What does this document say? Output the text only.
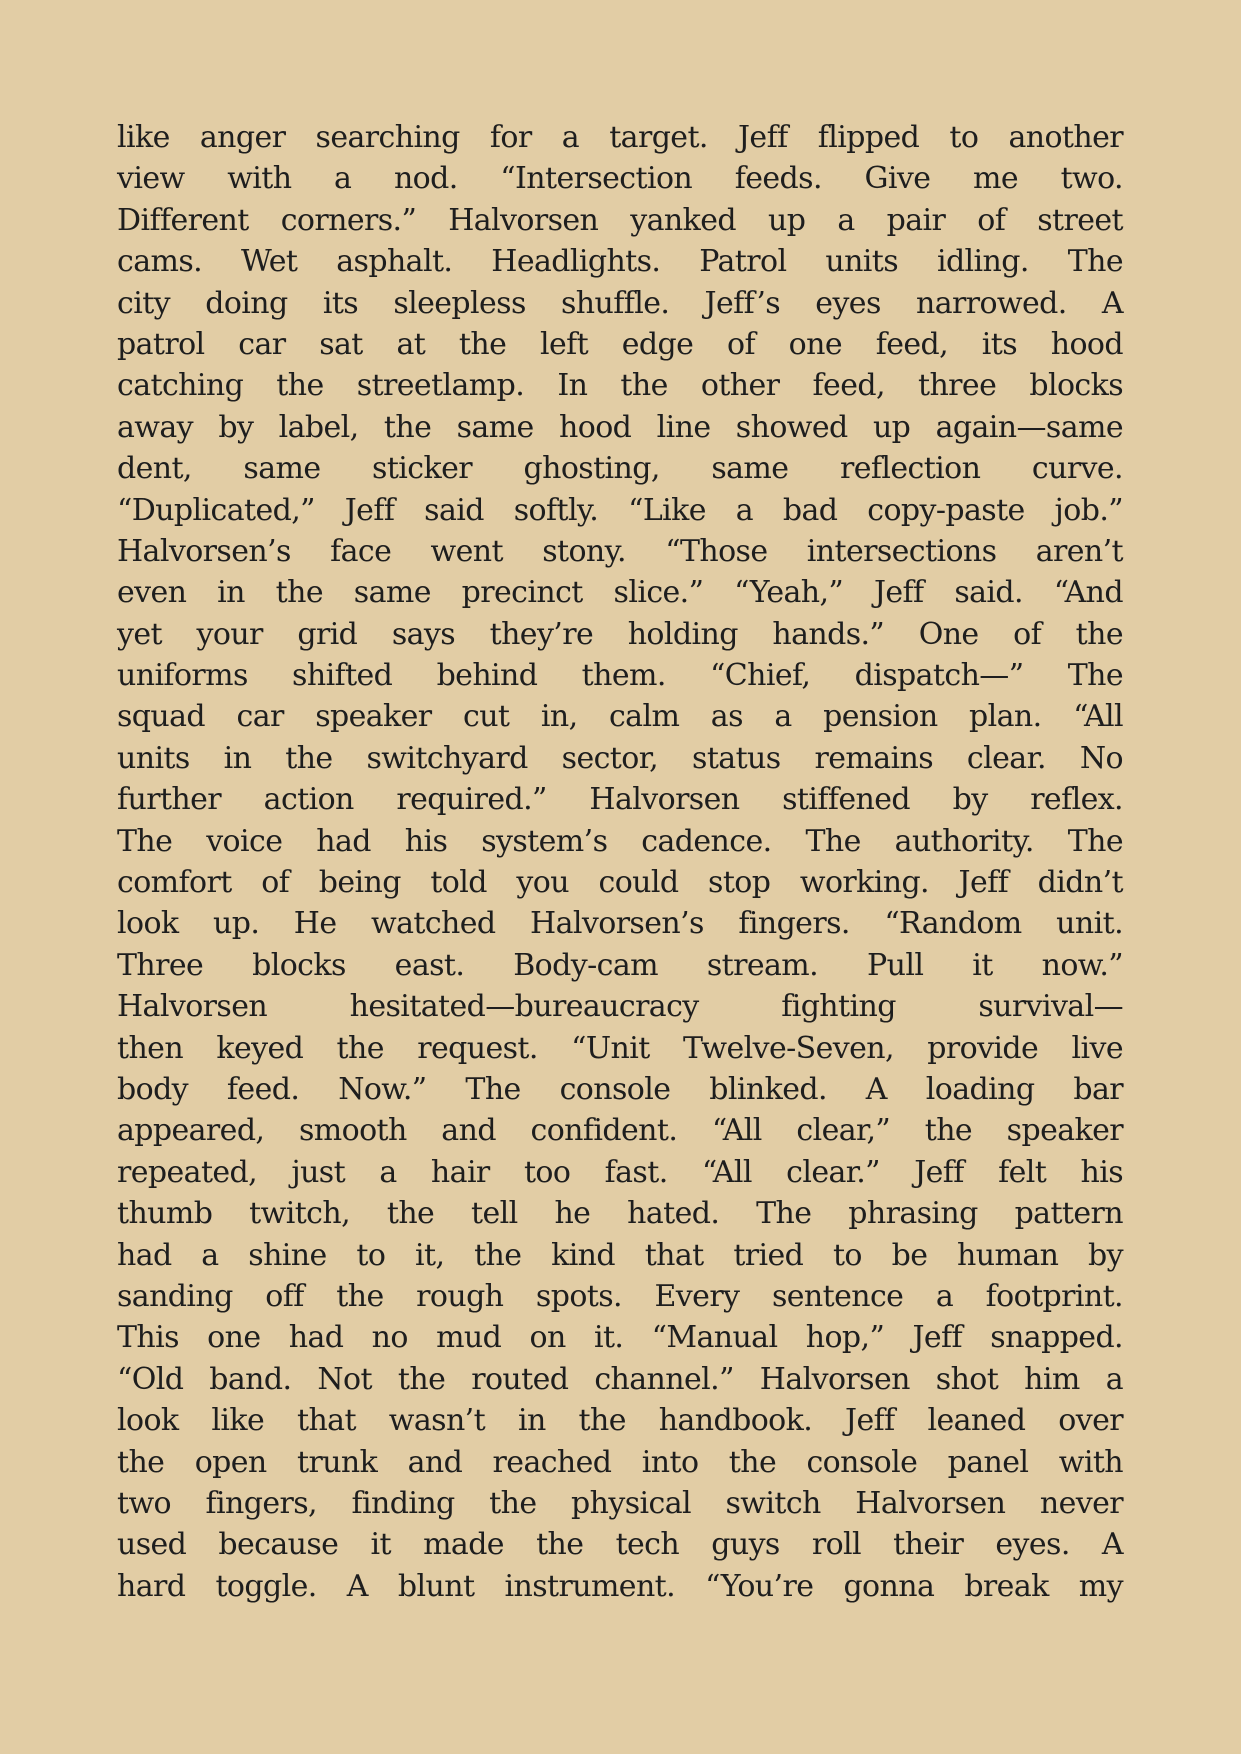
like anger searching for a target. Jeff flipped to another
view with a nod. “Intersection feeds. Give me two.
Different corners.” Halvorsen yanked up a pair of street
cams. Wet asphalt. Headlights. Patrol units idling. The
city doing its sleepless shuffle. Jeff’s eyes narrowed. A
patrol car sat at the left edge of one feed, its hood
catching the streetlamp. In the other feed, three blocks
away by label, the same hood line showed up again—same
dent, same sticker ghosting, same reflection curve.
“Duplicated,” Jeff said softly. “Like a bad copy-paste job.”
Halvorsen’s face went stony. “Those intersections aren’t
even in the same precinct slice.” “Yeah,” Jeff said. “And
yet your grid says they’re holding hands.” One of the
uniforms shifted behind them. “Chief, dispatch—” The
squad car speaker cut in, calm as a pension plan. “All
units in the switchyard sector, status remains clear. No
further action required.” Halvorsen stiffened by reflex.
The voice had his system’s cadence. The authority. The
comfort of being told you could stop working. Jeff didn’t
look up. He watched Halvorsen’s fingers. “Random unit.
Three blocks east. Body-cam stream. Pull it now.”
Halvorsen hesitated—bureaucracy fighting survival—
then keyed the request. “Unit Twelve-Seven, provide live
body feed. Now.” The console blinked. A loading bar
appeared, smooth and confident. “All clear,” the speaker
repeated, just a hair too fast. “All clear.” Jeff felt his
thumb twitch, the tell he hated. The phrasing pattern
had a shine to it, the kind that tried to be human by
sanding off the rough spots. Every sentence a footprint.
This one had no mud on it. “Manual hop,” Jeff snapped.
“Old band. Not the routed channel.” Halvorsen shot him a
look like that wasn’t in the handbook. Jeff leaned over
the open trunk and reached into the console panel with
two fingers, finding the physical switch Halvorsen never
used because it made the tech guys roll their eyes. A
hard toggle. A blunt instrument. “You’re gonna break my
